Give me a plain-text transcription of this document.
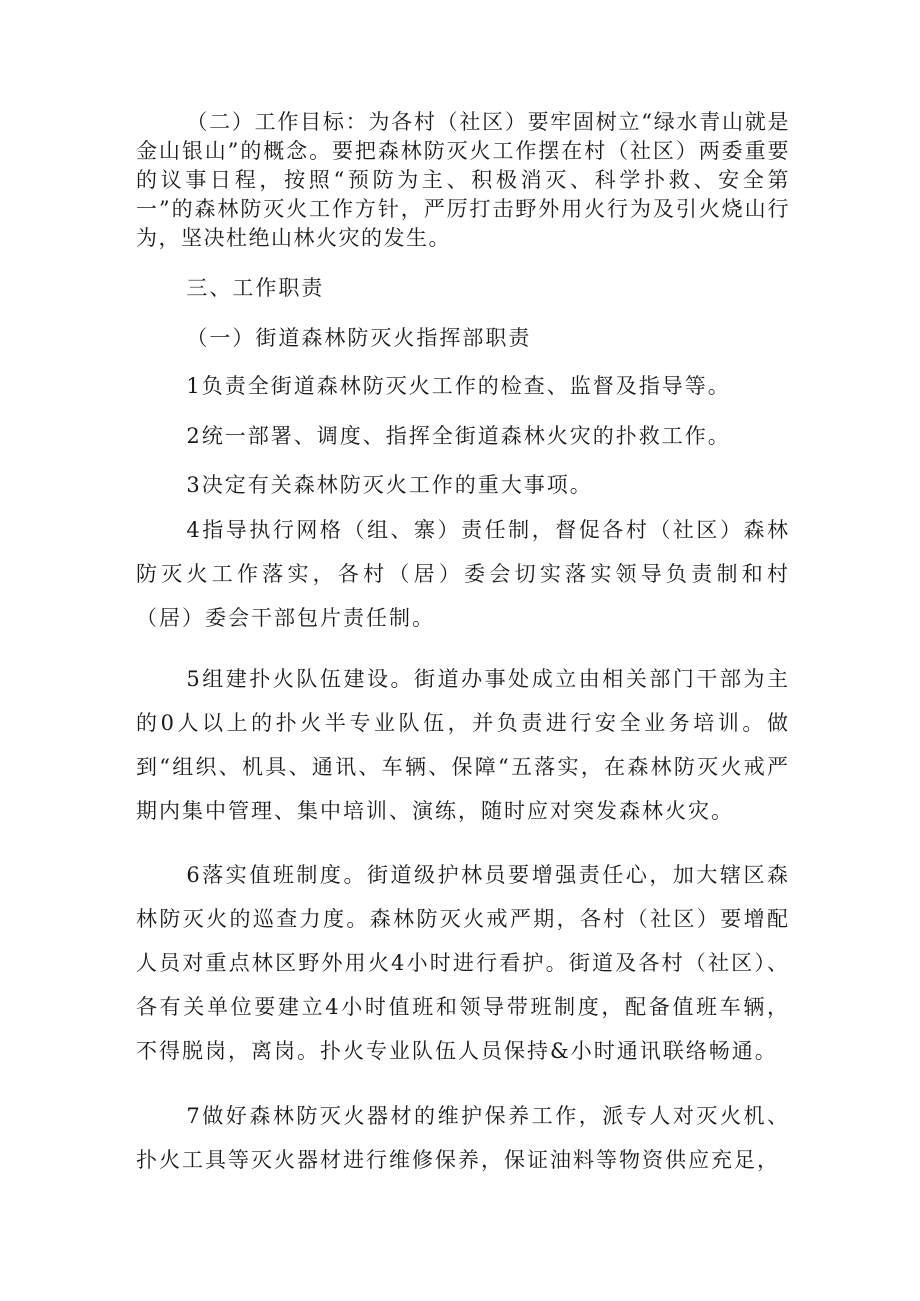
（二）工作目标：为各村（社区）要牢固树立“绿水青山就是金山银山”的概念。要把森林防灭火工作摆在村（社区）两委重要的议事日程，按照“预防为主、积极消灭、科学扑救、安全第一”的森林防灭火工作方针，严厉打击野外用火行为及引火烧山行为，坚决杜绝山林火灾的发生。

三、工作职责

（一）街道森林防灭火指挥部职责

1负责全街道森林防灭火工作的检查、监督及指导等。

2统一部署、调度、指挥全街道森林火灾的扑救工作。

3决定有关森林防灭火工作的重大事项。

4指导执行网格（组、寨）责任制，督促各村（社区）森林防灭火工作落实，各村（居）委会切实落实领导负责制和村（居）委会干部包片责任制。

5组建扑火队伍建设。街道办事处成立由相关部门干部为主的0人以上的扑火半专业队伍，并负责进行安全业务培训。做到“组织、机具、通讯、车辆、保障“五落实，在森林防灭火戒严期内集中管理、集中培训、演练，随时应对突发森林火灾。

6落实值班制度。街道级护林员要增强责任心，加大辖区森林防灭火的巡查力度。森林防灭火戒严期，各村（社区）要增配人员对重点林区野外用火4小时进行看护。街道及各村（社区）、各有关单位要建立4小时值班和领导带班制度，配备值班车辆，不得脱岗，离岗。扑火专业队伍人员保持&小时通讯联络畅通。

7做好森林防灭火器材的维护保养工作，派专人对灭火机、扑火工具等灭火器材进行维修保养，保证油料等物资供应充足，
